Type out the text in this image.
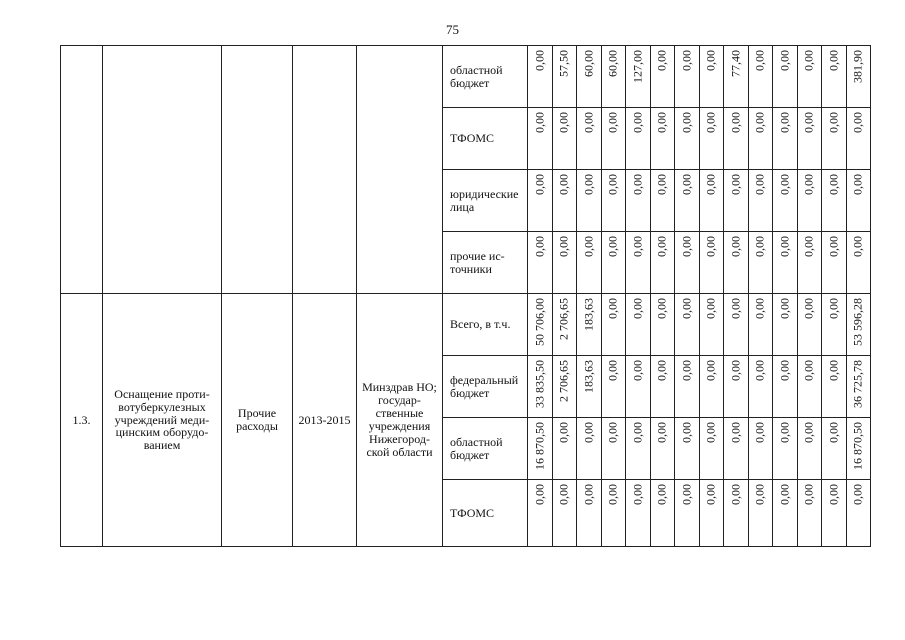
75
					областной бюджет	0,00	57,50	60,00	60,00	127,00	0,00	0,00	0,00	77,40	0,00	0,00	0,00	0,00	381,90

					ТФОМС	0,00	0,00	0,00	0,00	0,00	0,00	0,00	0,00	0,00	0,00	0,00	0,00	0,00	0,00

					юридические лица	0,00	0,00	0,00	0,00	0,00	0,00	0,00	0,00	0,00	0,00	0,00	0,00	0,00	0,00

					прочие ис-точники	0,00	0,00	0,00	0,00	0,00	0,00	0,00	0,00	0,00	0,00	0,00	0,00	0,00	0,00

1.3.	Оснащение проти-вотуберкулезных учреждений меди-цинским оборудо-ванием	Прочие расходы	2013-2015	Минздрав НО; государ-ственные учреждения Нижегород-ской области	Всего, в т.ч.	50 706,00	2 706,65	183,63	0,00	0,00	0,00	0,00	0,00	0,00	0,00	0,00	0,00	0,00	53 596,28

					федеральный бюджет	33 835,50	2 706,65	183,63	0,00	0,00	0,00	0,00	0,00	0,00	0,00	0,00	0,00	0,00	36 725,78

					областной бюджет	16 870,50	0,00	0,00	0,00	0,00	0,00	0,00	0,00	0,00	0,00	0,00	0,00	0,00	16 870,50

					ТФОМС	0,00	0,00	0,00	0,00	0,00	0,00	0,00	0,00	0,00	0,00	0,00	0,00	0,00	0,00
